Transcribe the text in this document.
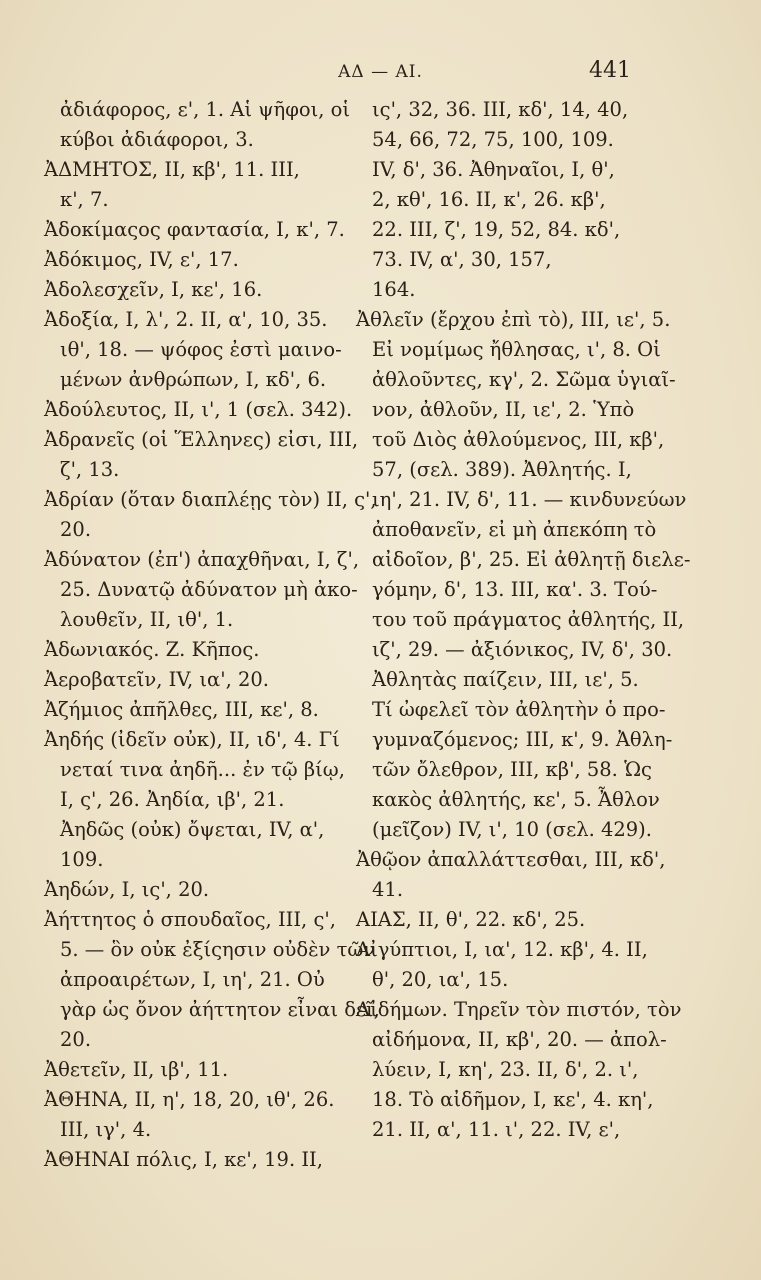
ΑΔ — ΑΙ.	441
ἀδιάφορος, ε', 1. Αἱ ψῆφοι, οἱ
κύβοι ἀδιάφοροι, 3.
ἈΔΜΗΤΟΣ, II, κβ', 11. III,
κ', 7.
Ἀδοκίμαςος φαντασία, I, κ', 7.
Ἀδόκιμος, IV, ε', 17.
Ἀδολεσχεῖν, I, κε', 16.
Ἀδοξία, I, λ', 2. II, α', 10, 35.
ιθ', 18. — ψόφος ἐστὶ μαινο-
μένων ἀνθρώπων, I, κδ', 6.
Ἀδούλευτος, II, ι', 1 (σελ. 342).
Ἀδρανεῖς (οἱ Ἕλληνες) εἰσι, III,
ζ', 13.
Ἀδρίαν (ὅταν διαπλέῃς τὸν) II, ς',
20.
Ἀδύνατον (ἐπ') ἀπαχθῆναι, I, ζ',
25. Δυνατῷ ἀδύνατον μὴ ἀκο-
λουθεῖν, II, ιθ', 1.
Ἀδωνιακός. Ζ. Κῆπος.
Ἀεροβατεῖν, IV, ια', 20.
Ἀζήμιος ἀπῆλθες, III, κε', 8.
Ἀηδής (ἰδεῖν οὐκ), II, ιδ', 4. Γί
νεταί τινα ἀηδῆ... ἐν τῷ βίῳ,
I, ς', 26. Ἀηδία, ιβ', 21.
Ἀηδῶς (οὐκ) ὄψεται, IV, α',
109.
Ἀηδών, I, ις', 20.
Ἀήττητος ὁ σπουδαῖος, III, ς',
5. — ὃν οὐκ ἐξίςησιν οὐδὲν τῶν
ἀπροαιρέτων, I, ιη', 21. Οὐ
γὰρ ὡς ὄνον ἀήττητον εἶναι δεῖ,
20.
Ἀθετεῖν, II, ιβ', 11.
ἈΘΗΝΑ, II, η', 18, 20, ιθ', 26.
III, ιγ', 4.
ἈΘΗΝΑΙ πόλις, I, κε', 19. II,
ις', 32, 36. III, κδ', 14, 40,
54, 66, 72, 75, 100, 109.
IV, δ', 36. Ἀθηναῖοι, I, θ',
2, κθ', 16. II, κ', 26. κβ',
22. III, ζ', 19, 52, 84. κδ',
73. IV, α', 30, 157,
164.
Ἀθλεῖν (ἔρχου ἐπὶ τὸ), III, ιε', 5.
Εἰ νομίμως ἤθλησας, ι', 8. Οἱ
ἀθλοῦντες, κγ', 2. Σῶμα ὑγιαῖ-
νον, ἀθλοῦν, II, ιε', 2. Ὑπὸ
τοῦ Διὸς ἀθλούμενος, III, κβ',
57, (σελ. 389). Ἀθλητής. I,
ιη', 21. IV, δ', 11. — κινδυνεύων
ἀποθανεῖν, εἰ μὴ ἀπεκόπη τὸ
αἰδοῖον, β', 25. Εἰ ἀθλητῇ διελε-
γόμην, δ', 13. III, κα'. 3. Τού-
του τοῦ πράγματος ἀθλητής, II,
ιζ', 29. — ἀξιόνικος, IV, δ', 30.
Ἀθλητὰς παίζειν, III, ιε', 5.
Τί ὠφελεῖ τὸν ἀθλητὴν ὁ προ-
γυμναζόμενος; III, κ', 9. Ἀθλη-
τῶν ὄλεθρον, III, κβ', 58. Ὡς
κακὸς ἀθλητής, κε', 5. Ἆθλον
(μεῖζον) IV, ι', 10 (σελ. 429).
Ἀθῷον ἀπαλλάττεσθαι, III, κδ',
41.
ΑΙΑΣ, II, θ', 22. κδ', 25.
Αἰγύπτιοι, I, ια', 12. κβ', 4. II,
θ', 20, ια', 15.
Αἰδήμων. Τηρεῖν τὸν πιστόν, τὸν
αἰδήμονα, II, κβ', 20. — ἀπολ-
λύειν, I, κη', 23. II, δ', 2. ι',
18. Τὸ αἰδῆμον, I, κε', 4. κη',
21. II, α', 11. ι', 22. IV, ε',
